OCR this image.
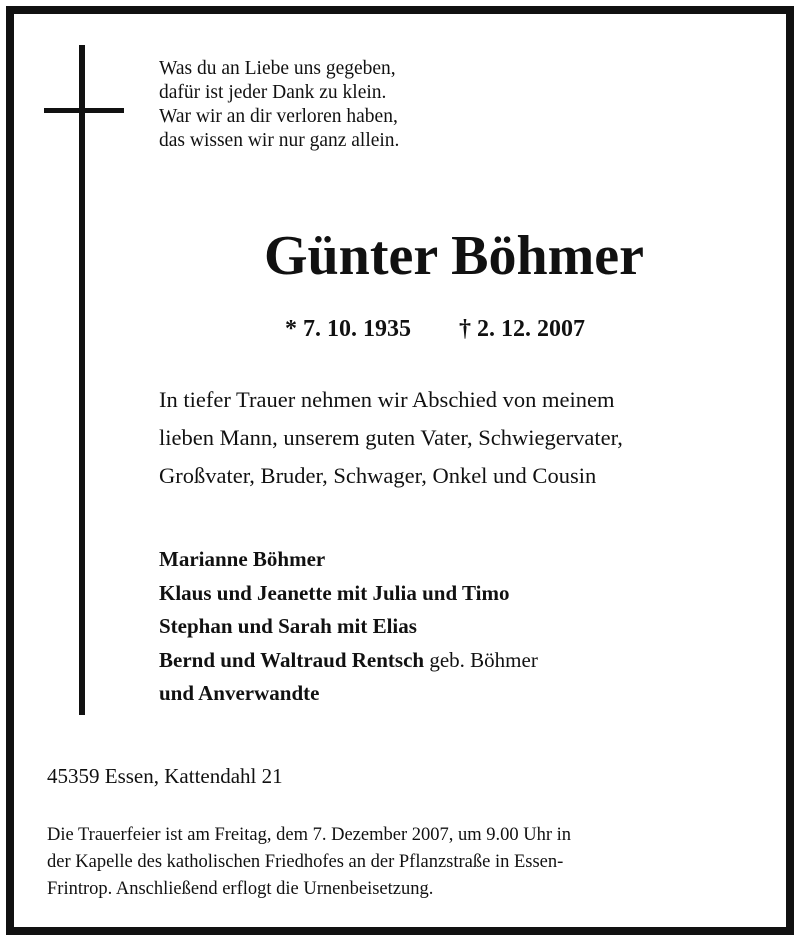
Was du an Liebe uns gegeben,
dafür ist jeder Dank zu klein.
War wir an dir verloren haben,
das wissen wir nur ganz allein.
Günter Böhmer
* 7. 10. 1935 † 2. 12. 2007
In tiefer Trauer nehmen wir Abschied von meinem
lieben Mann, unserem guten Vater, Schwiegervater,
Großvater, Bruder, Schwager, Onkel und Cousin
Marianne Böhmer
Klaus und Jeanette mit Julia und Timo
Stephan und Sarah mit Elias
Bernd und Waltraud Rentsch geb. Böhmer
und Anverwandte
45359 Essen, Kattendahl 21
Die Trauerfeier ist am Freitag, dem 7. Dezember 2007, um 9.00 Uhr in
der Kapelle des katholischen Friedhofes an der Pflanzstraße in Essen-
Frintrop. Anschließend erflogt die Urnenbeisetzung.
